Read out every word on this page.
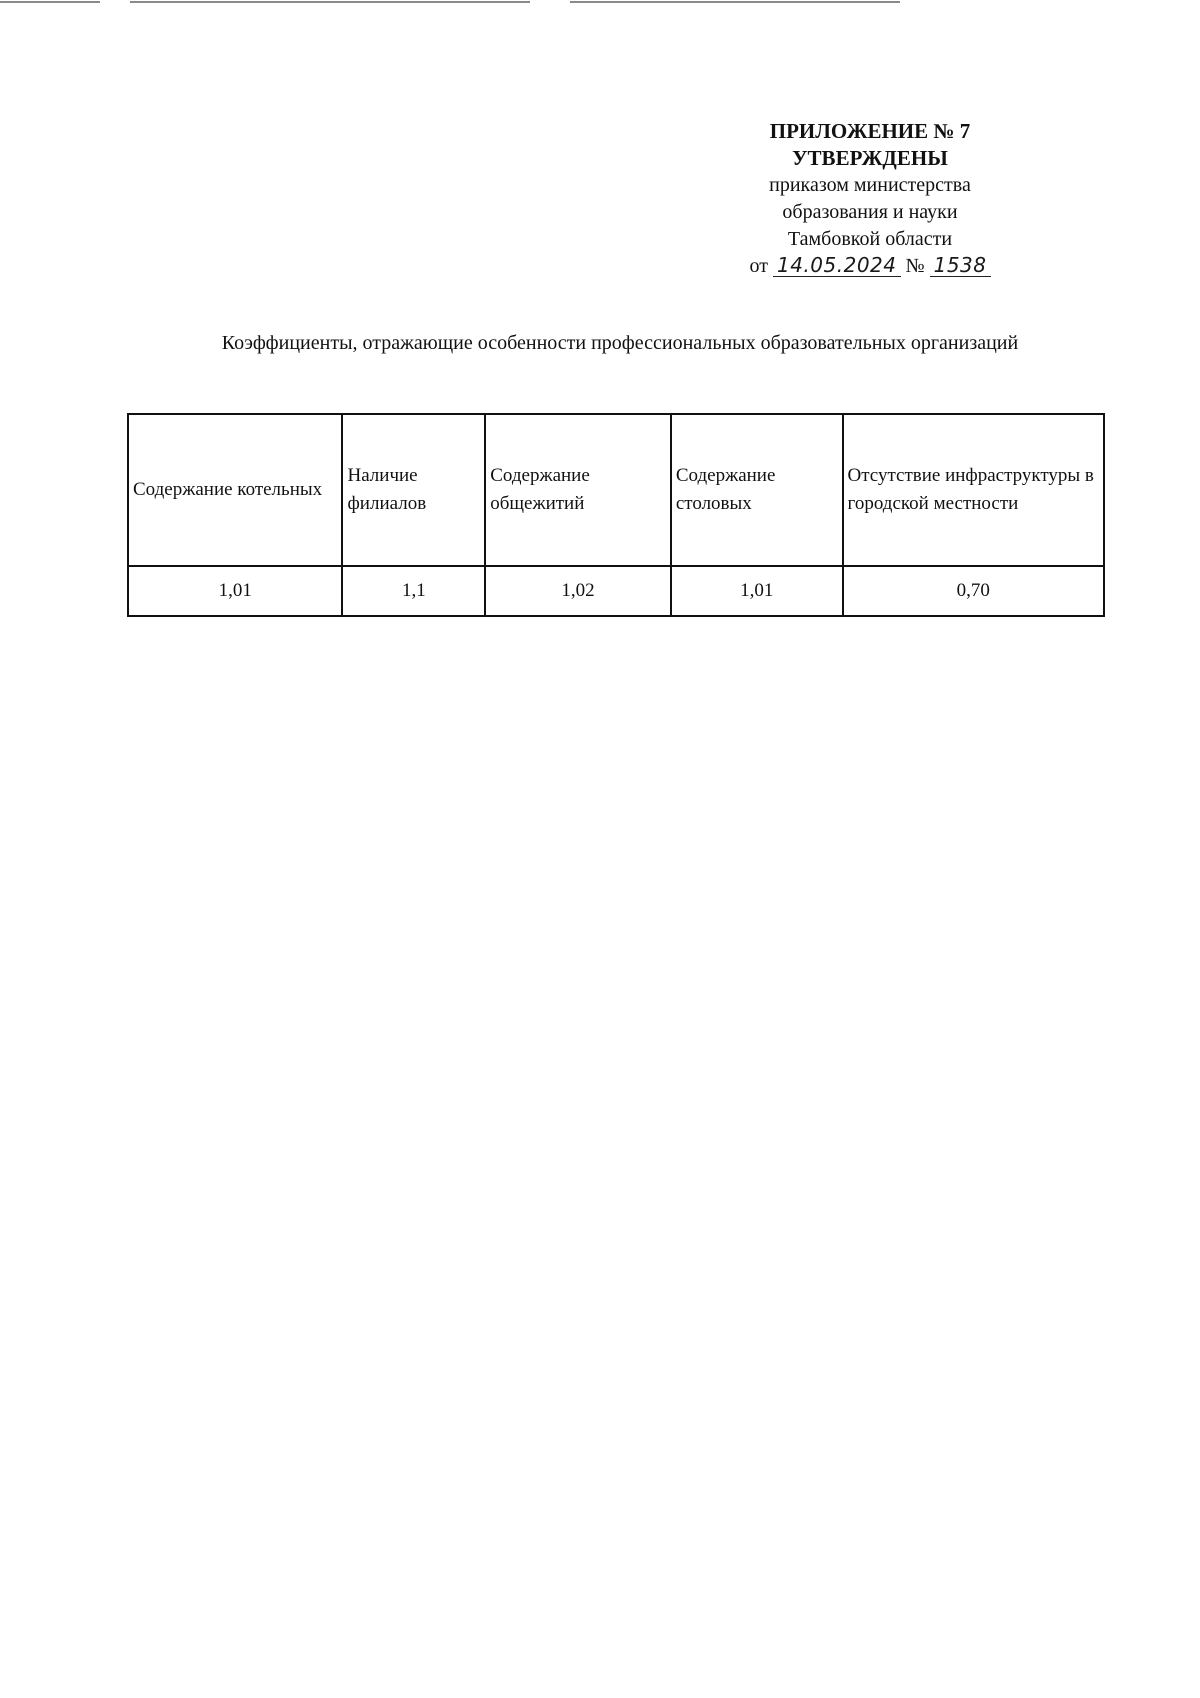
ПРИЛОЖЕНИЕ № 7
УТВЕРЖДЕНЫ
приказом министерства
образования и науки
Тамбовкой области
от 14.05.2024 № 1538
Коэффициенты, отражающие особенности профессиональных образовательных организаций
Содержание котельных	Наличие филиалов	Содержание общежитий	Содержание столовых	Отсутствие инфраструктуры в городской местности
1,01	1,1	1,02	1,01	0,70
